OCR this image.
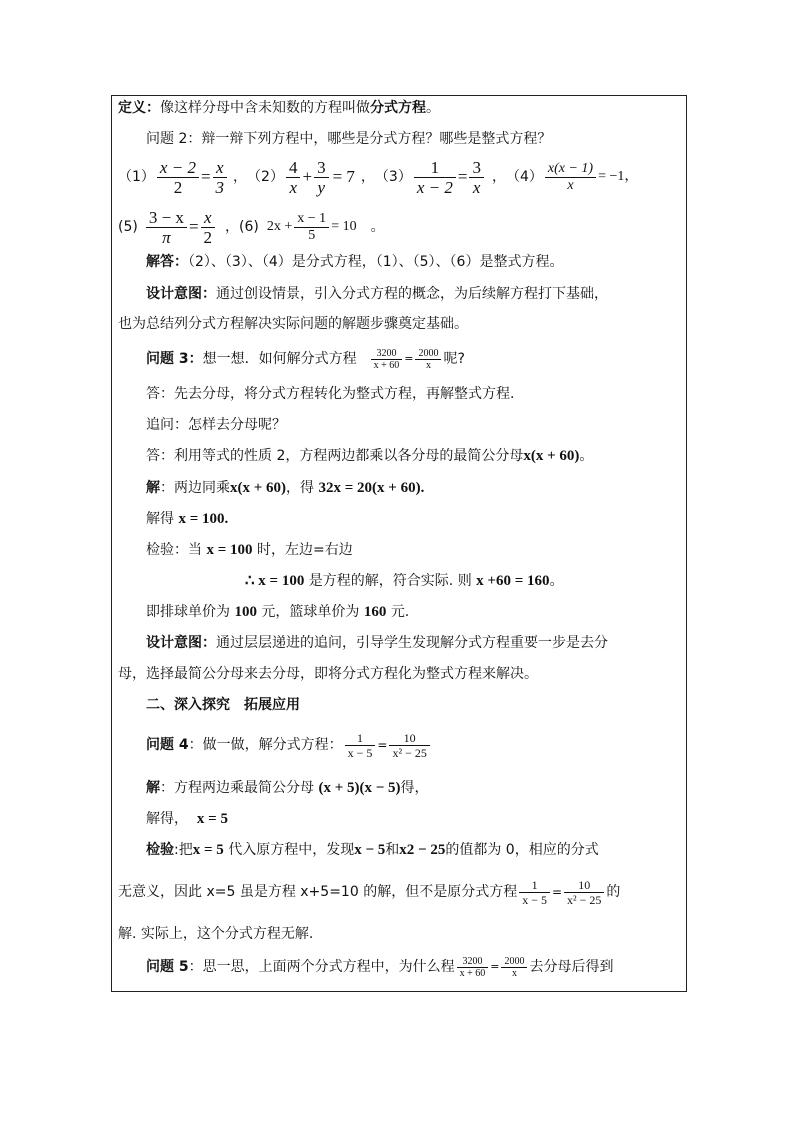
定义：像这样分母中含未知数的方程叫做分式方程。
问题 2：辩一辩下列方程中，哪些是分式方程？哪些是整式方程？
$(1) \frac{x - 2}{2} = \frac{x}{3}$ ， $(2) \frac{4}{x} + \frac{3}{y} = 7$ ， $(3) \frac{1}{x - 2} = \frac{3}{x}$ ， $(4) \frac{x(x - 1)}{x} = -1$，
$(5) \frac{3 - x}{\pi} = \frac{x}{2}$ ， (6) $2x + \frac{x - 1}{5} = 10$ 。
解答：（2）、（3）、（4）是分式方程，（1）、（5）、（6）是整式方程。
设计意图：通过创设情景，引入分式方程的概念，为后续解方程打下基础，
也为总结列分式方程解决实际问题的解题步骤奠定基础。
问题 3： 想一想．如何解分式方程 $\frac{3200}{x + 60} = \frac{2000}{x}$ 呢?
答：先去分母，将分式方程转化为整式方程，再解整式方程.
追问：怎样去分母呢？
答：利用等式的性质 2，方程两边都乘以各分母的最简公分母x(x + 60)。
解：两边同乘x(x + 60)，得 32x = 20(x + 60).
解得 x = 100.
检验：当 x = 100 时，左边=右边
∴ x = 100 是方程的解，符合实际. 则 x +60 = 160。
即排球单价为 100 元，篮球单价为 160 元.
设计意图：通过层层递进的追问，引导学生发现解分式方程重要一步是去分
母，选择最简公分母来去分母，即将分式方程化为整式方程来解决。
二、深入探究　拓展应用
问题 4 ：做一做，解分式方程： $\frac{1}{x - 5} = \frac{10}{\text{x² − 25}}$
解：方程两边乘最简公分母 (x + 5)(x − 5)得，
解得， x = 5
检验:把x = 5 代入原方程中，发现x − 5和x2 − 25的值都为 0，相应的分式
无意义，因此 x=5 虽是方程 x+5=10 的解，但不是原分式方程 $\frac{1}{x - 5} = \frac{10}{\text{x² − 25}}$ 的
解. 实际上，这个分式方程无解.
问题 5 ：思一思，上面两个分式方程中，为什么程 $\frac{3200}{x + 60} = \frac{2000}{x}$ 去分母后得到
